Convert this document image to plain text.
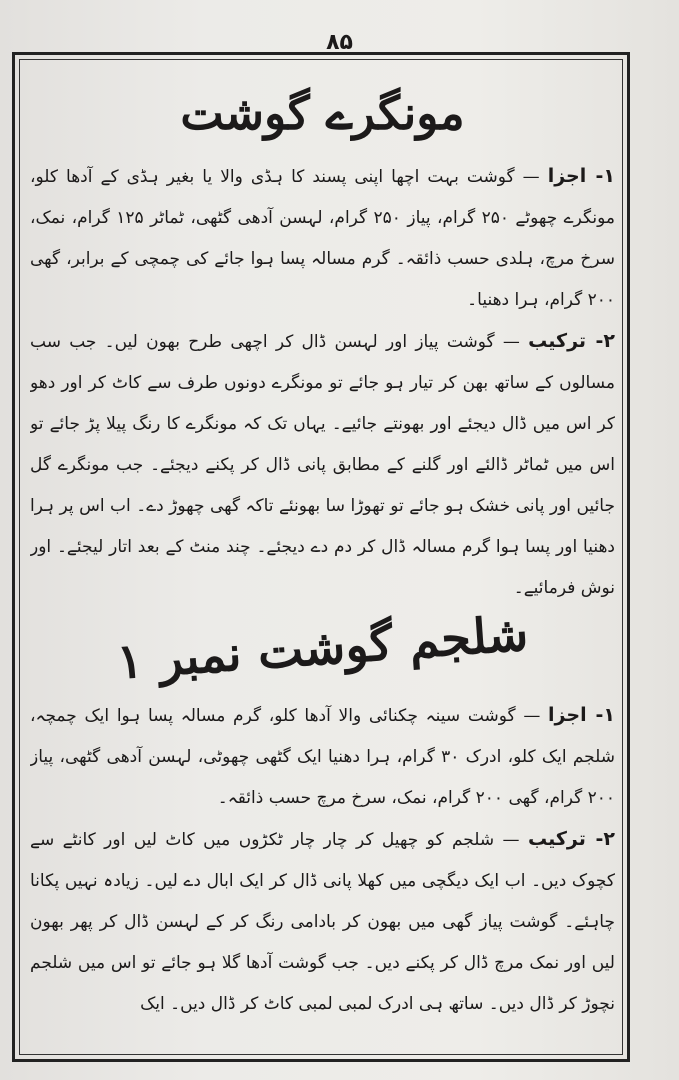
۸۵
مونگرے گوشت

۱- اجزا — گوشت بہت اچھا اپنی پسند کا ہڈی والا یا بغیر ہڈی کے آدھا کلو، مونگرے چھوٹے ۲۵۰ گرام، پیاز ۲۵۰ گرام، لہسن آدھی گٹھی، ٹماٹر ۱۲۵ گرام، نمک، سرخ مرچ، ہلدی حسب ذائقہ۔ گرم مسالہ پسا ہوا جائے کی چمچی کے برابر، گھی ۲۰۰ گرام، ہرا دھنیا۔

۲- ترکیب — گوشت پیاز اور لہسن ڈال کر اچھی طرح بھون لیں۔ جب سب مسالوں کے ساتھ بھن کر تیار ہو جائے تو مونگرے دونوں طرف سے کاٹ کر اور دھو کر اس میں ڈال دیجئے اور بھونتے جائیے۔ یہاں تک کہ مونگرے کا رنگ پیلا پڑ جائے تو اس میں ٹماٹر ڈالئے اور گلنے کے مطابق پانی ڈال کر پکنے دیجئے۔ جب مونگرے گل جائیں اور پانی خشک ہو جائے تو تھوڑا سا بھونئے تاکہ گھی چھوڑ دے۔ اب اس پر ہرا دھنیا اور پسا ہوا گرم مسالہ ڈال کر دم دے دیجئے۔ چند منٹ کے بعد اتار لیجئے۔ اور نوش فرمائیے۔

شلجم گوشت نمبر ۱

۱- اجزا — گوشت سینہ چکنائی والا آدھا کلو، گرم مسالہ پسا ہوا ایک چمچہ، شلجم ایک کلو، ادرک ۳۰ گرام، ہرا دھنیا ایک گٹھی چھوٹی، لہسن آدھی گٹھی، پیاز ۲۰۰ گرام، گھی ۲۰۰ گرام، نمک، سرخ مرچ حسب ذائقہ۔

۲- ترکیب — شلجم کو چھیل کر چار چار ٹکڑوں میں کاٹ لیں اور کانٹے سے کچوک دیں۔ اب ایک دیگچی میں کھلا پانی ڈال کر ایک ابال دے لیں۔ زیادہ نہیں پکانا چاہئے۔ گوشت پیاز گھی میں بھون کر بادامی رنگ کر کے لہسن ڈال کر پھر بھون لیں اور نمک مرچ ڈال کر پکنے دیں۔ جب گوشت آدھا گلا ہو جائے تو اس میں شلجم نچوڑ کر ڈال دیں۔ ساتھ ہی ادرک لمبی لمبی کاٹ کر ڈال دیں۔ ایک
